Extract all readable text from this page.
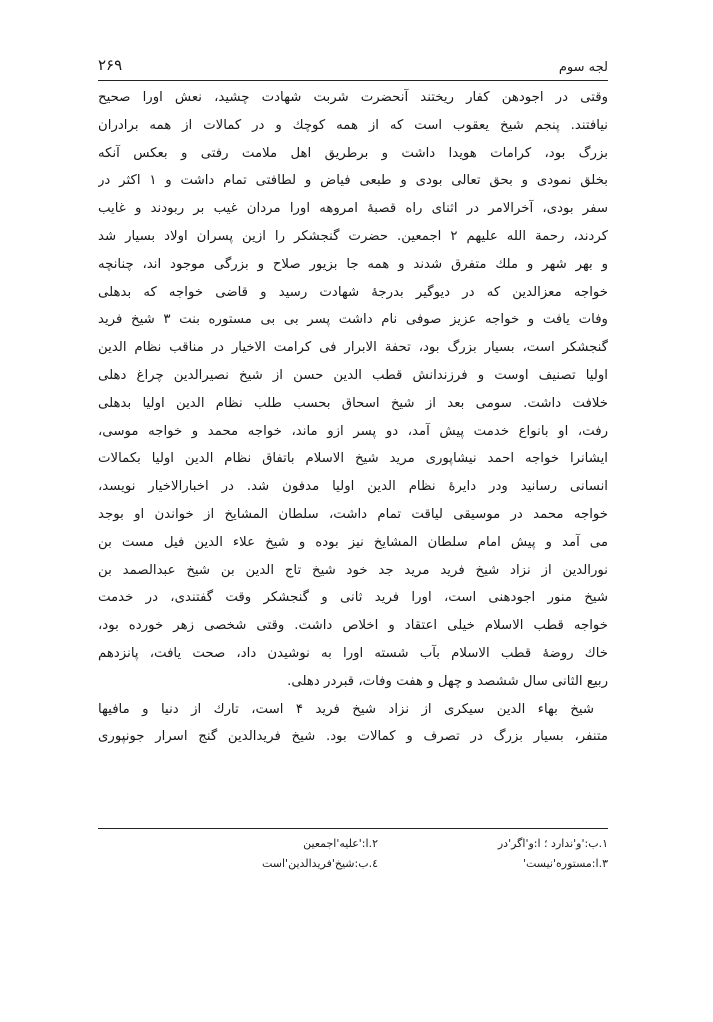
لجه سوم
۲۶۹
وقتی در اجودهن کفار ریختند آنحضرت شربت شهادت چشید، نعش اورا صحیح
نیافتند. پنجم شیخ یعقوب است که از همه کوچك و در کمالات از همه برادران
بزرگ بود، کرامات هویدا داشت و برطریق اهل ملامت رفتی و بعکس آنکه
بخلق نمودی و بحق تعالی بودی و طبعی فیاض و لطافتی تمام داشت و ۱ اکثر در
سفر بودی، آخرالامر در اثنای راه قصبهٔ امروهه اورا مردان غیب بر ربودند و غایب
کردند، رحمة الله علیهم ۲ اجمعین. حضرت گنجشکر را ازین پسران اولاد بسیار شد
و بهر شهر و ملك متفرق شدند و همه جا بزیور صلاح و بزرگی موجود اند، چنانچه
خواجه معزالدین که در دیوگیر بدرجهٔ شهادت رسید و قاضی خواجه که بدهلی
وفات یافت و خواجه عزیز صوفی نام داشت پسر بی بی مستوره بنت ۳ شیخ فرید
گنجشکر است، بسیار بزرگ بود، تحفة الابرار فی کرامت الاخیار در مناقب نظام الدین
اولیا تصنیف اوست و فرزندانش قطب الدین حسن از شیخ نصیرالدین چراغ دهلی
خلافت داشت. سومی بعد از شیخ اسحاق بحسب طلب نظام الدین اولیا بدهلی
رفت، او بانواع خدمت پیش آمد، دو پسر ازو ماند، خواجه محمد و خواجه موسی،
ایشانرا خواجه احمد نیشاپوری مرید شیخ الاسلام باتفاق نظام الدین اولیا بکمالات
انسانی رسانید ودر دایرهٔ نظام الدین اولیا مدفون شد. در اخبارالاخیار نویسد،
خواجه محمد در موسیقی لیاقت تمام داشت، سلطان المشایخ از خواندن او بوجد
می آمد و پیش امام سلطان المشایخ نیز بوده و شیخ علاء الدین فیل مست بن
نورالدین از نزاد شیخ فرید مرید جد خود شیخ تاج الدین بن شیخ عبدالصمد بن
شیخ منور اجودهنی است، اورا فرید ثانی و گنجشکر وقت گفتندی، در خدمت
خواجه قطب الاسلام خیلی اعتقاد و اخلاص داشت. وقتی شخصی زهر خورده بود،
خاك روضهٔ قطب الاسلام بآب شسته اورا به نوشیدن داد، صحت یافت، پانزدهم
ربیع الثانی سال ششصد و چهل و هفت وفات، قبردر دهلی.
شیخ بهاء الدین سیکری از نزاد شیخ فرید ۴ است، تارك از دنیا و مافیها
متنفر، بسیار بزرگ در تصرف و کمالات بود. شیخ فریدالدین گنج اسرار جونپوری
۱.ب:'و'ندارد ؛ ا:و'اگر'در
۲.ا:'علیه'اجمعین
۳.ا:مستوره'نیست'
٤.ب:شیخ'فریدالدین'است
